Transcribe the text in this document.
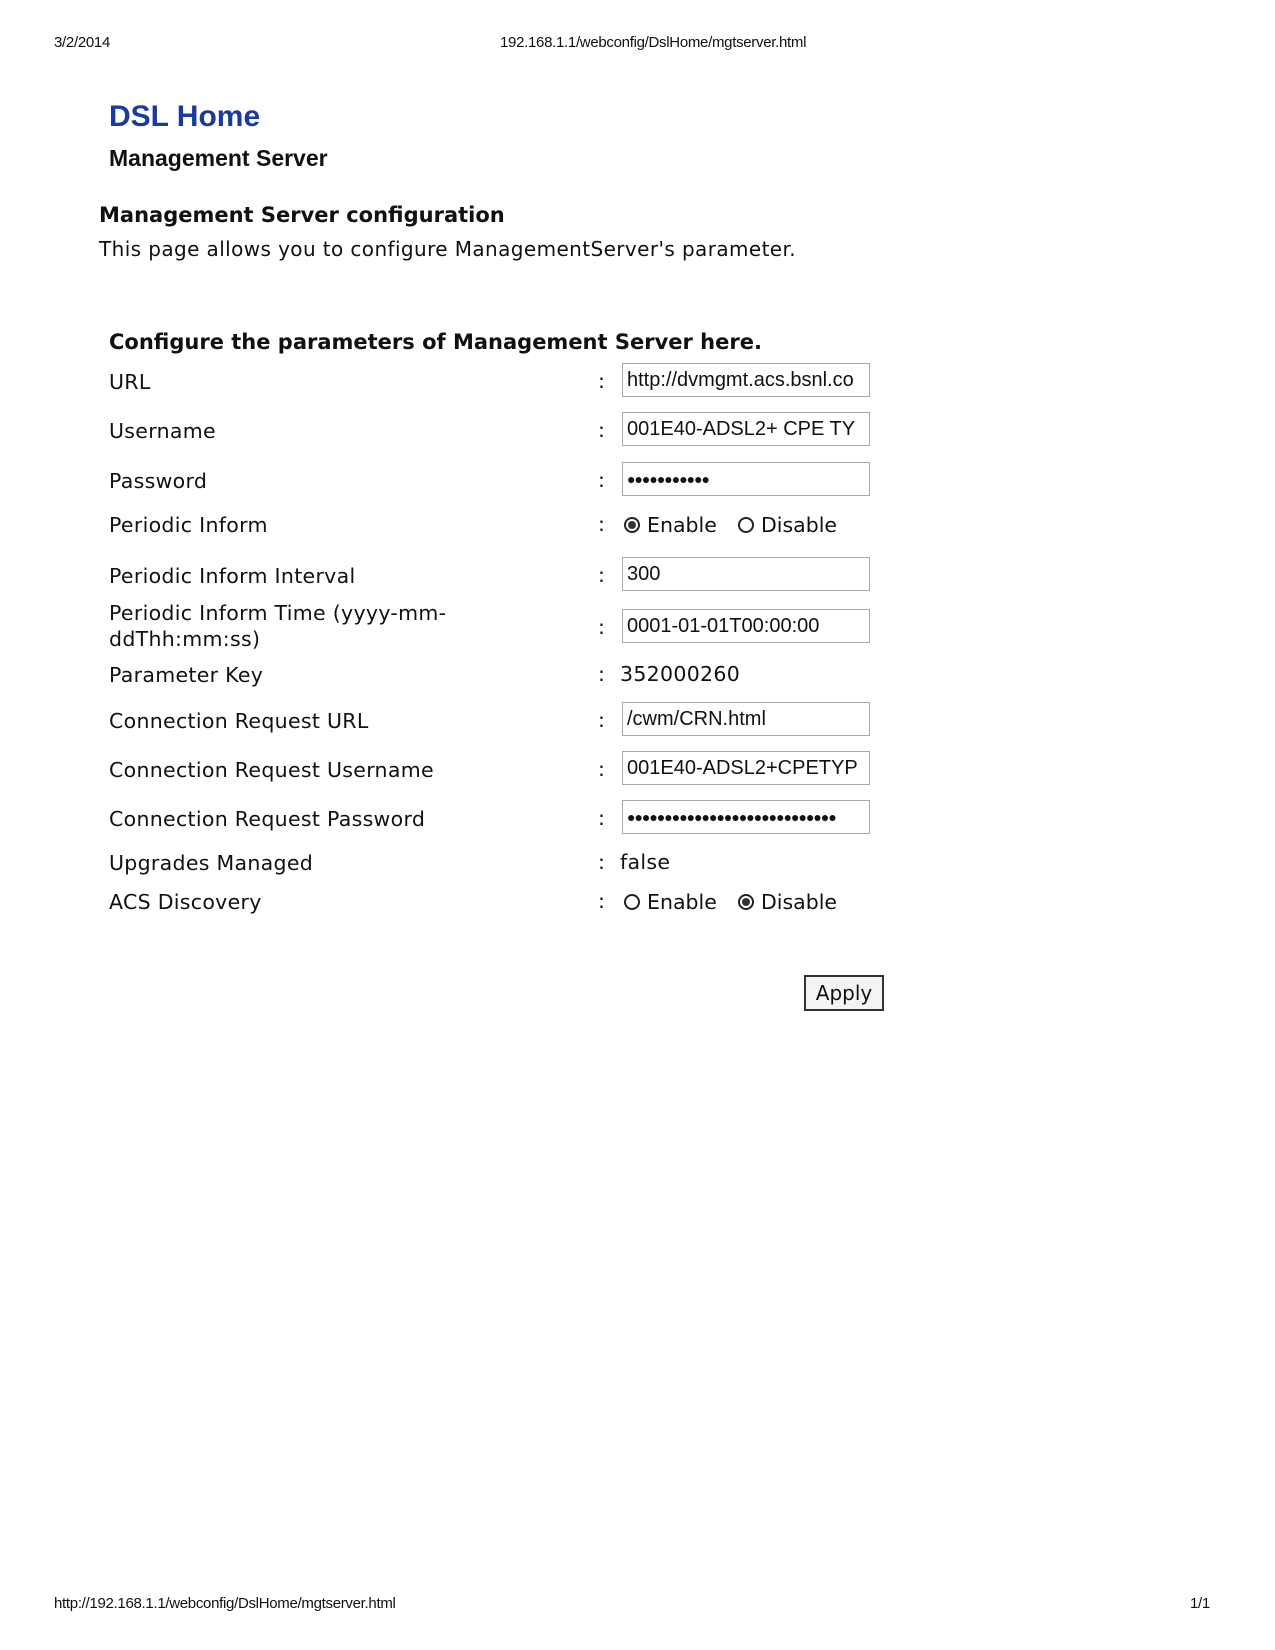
3/2/2014	192.168.1.1/webconfig/DslHome/mgtserver.html
DSL Home
Management Server
Management Server configuration
This page allows you to configure ManagementServer's parameter.
Configure the parameters of Management Server here.
URL	: http://dvmgmt.acs.bsnl.co
Username	: 001E40-ADSL2+ CPE TY
Password	:	●●●●●●●●●●●
Periodic Inform	: Enable Disable
Periodic Inform Interval	: 300
Periodic Inform Time (yyyy-mm-
ddThh:mm:ss)	: 0001-01-01T00:00:00
Parameter Key	: 352000260
Connection Request URL	: /cwm/CRN.html
Connection Request Username	: 001E40-ADSL2+CPETYP
Connection Request Password	:	●●●●●●●●●●●●●●●●●●●●●●●●●●●●
Upgrades Managed	: false
ACS Discovery	: Enable Disable
Apply
http://192.168.1.1/webconfig/DslHome/mgtserver.html	1/1
